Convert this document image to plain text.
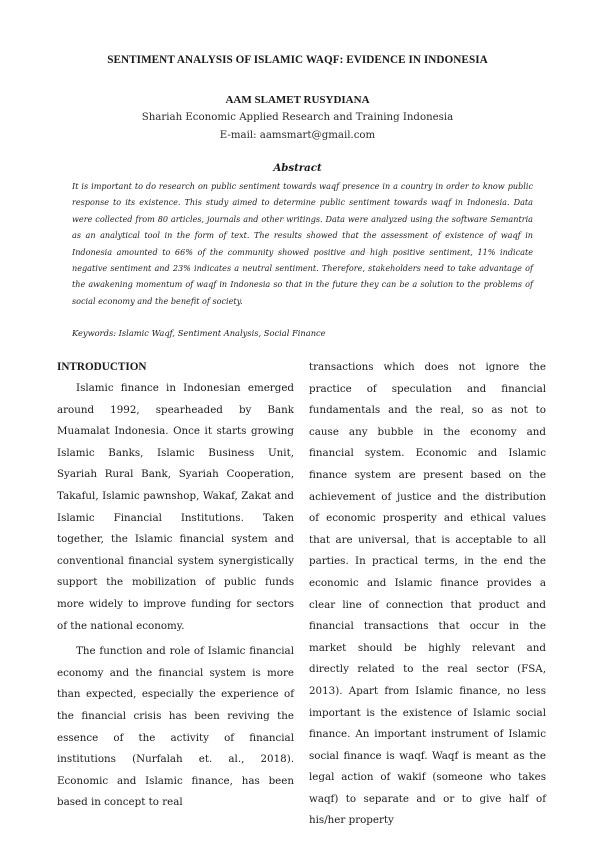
SENTIMENT ANALYSIS OF ISLAMIC WAQF: EVIDENCE IN INDONESIA
AAM SLAMET RUSYDIANA
Shariah Economic Applied Research and Training Indonesia
E-mail: aamsmart@gmail.com
Abstract
It is important to do research on public sentiment towards waqf presence in a country in order to know public response to its existence. This study aimed to determine public sentiment towards waqf in Indonesia. Data were collected from 80 articles, journals and other writings. Data were analyzed using the software Semantria as an analytical tool in the form of text. The results showed that the assessment of existence of waqf in Indonesia amounted to 66% of the community showed positive and high positive sentiment, 11% indicate negative sentiment and 23% indicates a neutral sentiment. Therefore, stakeholders need to take advantage of the awakening momentum of waqf in Indonesia so that in the future they can be a solution to the problems of social economy and the benefit of society.
Keywords: Islamic Waqf, Sentiment Analysis, Social Finance

INTRODUCTION

Islamic finance in Indonesian emerged around 1992, spearheaded by Bank Muamalat Indonesia. Once it starts growing Islamic Banks, Islamic Business Unit, Syariah Rural Bank, Syariah Cooperation, Takaful, Islamic pawnshop, Wakaf, Zakat and Islamic Financial Institutions. Taken together, the Islamic financial system and conventional financial system synergistically support the mobilization of public funds more widely to improve funding for sectors of the national economy.

The function and role of Islamic financial economy and the financial system is more than expected, especially the experience of the financial crisis has been reviving the essence of the activity of financial institutions (Nurfalah et. al., 2018). Economic and Islamic finance, has been based in concept to real

transactions which does not ignore the practice of speculation and financial fundamentals and the real, so as not to cause any bubble in the economy and financial system. Economic and Islamic finance system are present based on the achievement of justice and the distribution of economic prosperity and ethical values that are universal, that is acceptable to all parties. In practical terms, in the end the economic and Islamic finance provides a clear line of connection that product and financial transactions that occur in the market should be highly relevant and directly related to the real sector (FSA, 2013). Apart from Islamic finance, no less important is the existence of Islamic social finance. An important instrument of Islamic social finance is waqf. Waqf is meant as the legal action of wakif (someone who takes waqf) to separate and or to give half of his/her property
